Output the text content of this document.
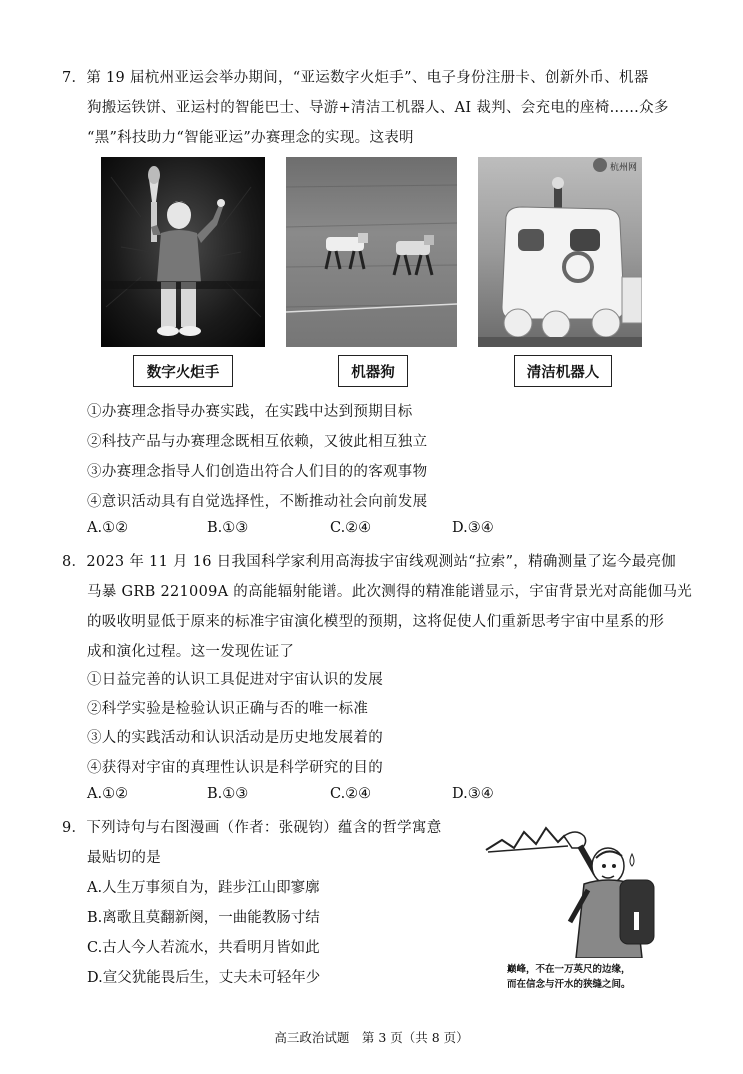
7．第 19 届杭州亚运会举办期间，“亚运数字火炬手”、电子身份注册卡、创新外币、机器
狗搬运铁饼、亚运村的智能巴士、导游+清洁工机器人、AI 裁判、会充电的座椅……众多
“黑”科技助力“智能亚运”办赛理念的实现。这表明
杭州网
数字火炬手	机器狗	清洁机器人
①办赛理念指导办赛实践，在实践中达到预期目标
②科技产品与办赛理念既相互依赖，又彼此相互独立
③办赛理念指导人们创造出符合人们目的的客观事物
④意识活动具有自觉选择性，不断推动社会向前发展
A.①②	B.①③	C.②④	D.③④
8．2023 年 11 月 16 日我国科学家利用高海拔宇宙线观测站“拉索”，精确测量了迄今最亮伽
马暴 GRB 221009A 的高能辐射能谱。此次测得的精准能谱显示，宇宙背景光对高能伽马光
的吸收明显低于原来的标准宇宙演化模型的预期，这将促使人们重新思考宇宙中星系的形
成和演化过程。这一发现佐证了
①日益完善的认识工具促进对宇宙认识的发展
②科学实验是检验认识正确与否的唯一标准
③人的实践活动和认识活动是历史地发展着的
④获得对宇宙的真理性认识是科学研究的目的
A.①②	B.①③	C.②④	D.③④
9．下列诗句与右图漫画（作者：张砚钧）蕴含的哲学寓意
最贴切的是
A.人生万事须自为，跬步江山即寥廓
B.离歌且莫翻新阕，一曲能教肠寸结
C.古人今人若流水，共看明月皆如此
D.宣父犹能畏后生，丈夫未可轻年少
巅峰，不在一万英尺的边缘，
而在信念与汗水的狭缝之间。
高三政治试题　第 3 页（共 8 页）
